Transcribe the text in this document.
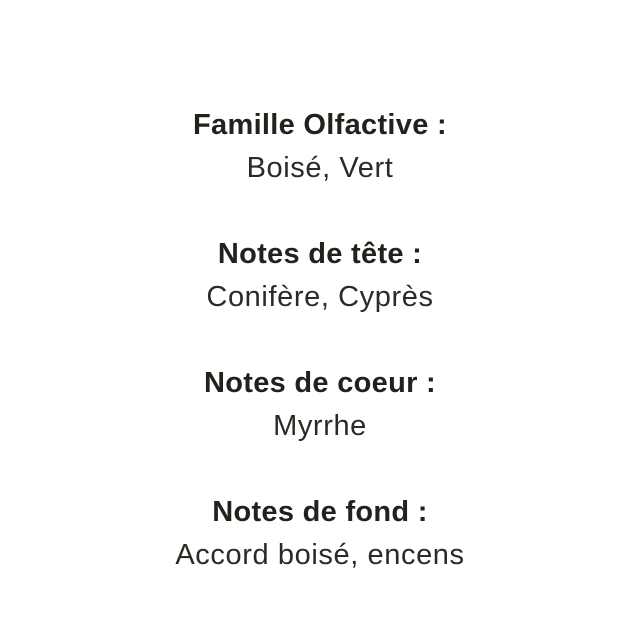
Famille Olfactive :
Boisé, Vert
Notes de tête :
Conifère, Cyprès
Notes de coeur :
Myrrhe
Notes de fond :
Accord boisé, encens
